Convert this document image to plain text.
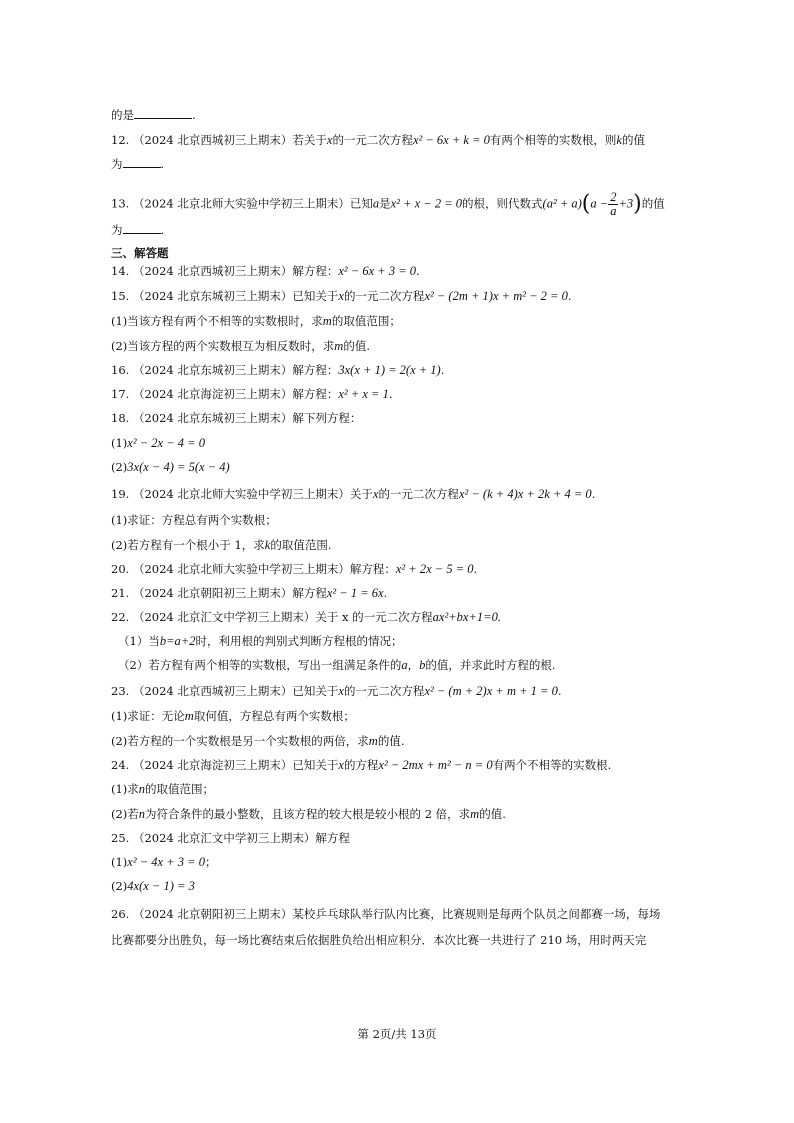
的是	.
12. （2024 北京西城初三上期末）若关于x的一元二次方程x² − 6x + k = 0有两个相等的实数根，则k的值
为	.
13. （2024 北京北师大实验中学初三上期末）已知a是x² + x − 2 = 0的根，则代数式$(a^2 + a)(a - \frac{2}{a} +3)$的值
为	.
三、解答题
14. （2024 北京西城初三上期末）解方程：x² − 6x + 3 = 0.
15. （2024 北京东城初三上期末）已知关于x的一元二次方程x² − (2m + 1)x + m² − 2 = 0.
(1)当该方程有两个不相等的实数根时，求m的取值范围；
(2)当该方程的两个实数根互为相反数时，求m的值.
16. （2024 北京东城初三上期末）解方程：3x(x + 1) = 2(x + 1).
17. （2024 北京海淀初三上期末）解方程：x² + x = 1.
18. （2024 北京东城初三上期末）解下列方程：
(1)x² − 2x − 4 = 0
(2)3x(x − 4) = 5(x − 4)
19. （2024 北京北师大实验中学初三上期末）关于x的一元二次方程x² − (k + 4)x + 2k + 4 = 0.
(1)求证：方程总有两个实数根；
(2)若方程有一个根小于 1，求k的取值范围.
20. （2024 北京北师大实验中学初三上期末）解方程：x² + 2x − 5 = 0.
21. （2024 北京朝阳初三上期末）解方程x² − 1 = 6x.
22. （2024 北京汇文中学初三上期末）关于 x 的一元二次方程ax²+bx+1=0.
（1）当b=a+2时，利用根的判别式判断方程根的情况；
（2）若方程有两个相等的实数根，写出一组满足条件的a，b的值，并求此时方程的根.
23. （2024 北京西城初三上期末）已知关于x的一元二次方程x² − (m + 2)x + m + 1 = 0.
(1)求证：无论m取何值，方程总有两个实数根；
(2)若方程的一个实数根是另一个实数根的两倍，求m的值.
24. （2024 北京海淀初三上期末）已知关于x的方程x² − 2mx + m² − n = 0有两个不相等的实数根.
(1)求n的取值范围；
(2)若n为符合条件的最小整数，且该方程的较大根是较小根的 2 倍，求m的值.
25. （2024 北京汇文中学初三上期末）解方程
(1)x² − 4x + 3 = 0；
(2)4x(x − 1) = 3
26. （2024 北京朝阳初三上期末）某校乒乓球队举行队内比赛，比赛规则是每两个队员之间都赛一场，每场
比赛都要分出胜负，每一场比赛结束后依据胜负给出相应积分．本次比赛一共进行了 210 场，用时两天完
第 2页/共 13页
